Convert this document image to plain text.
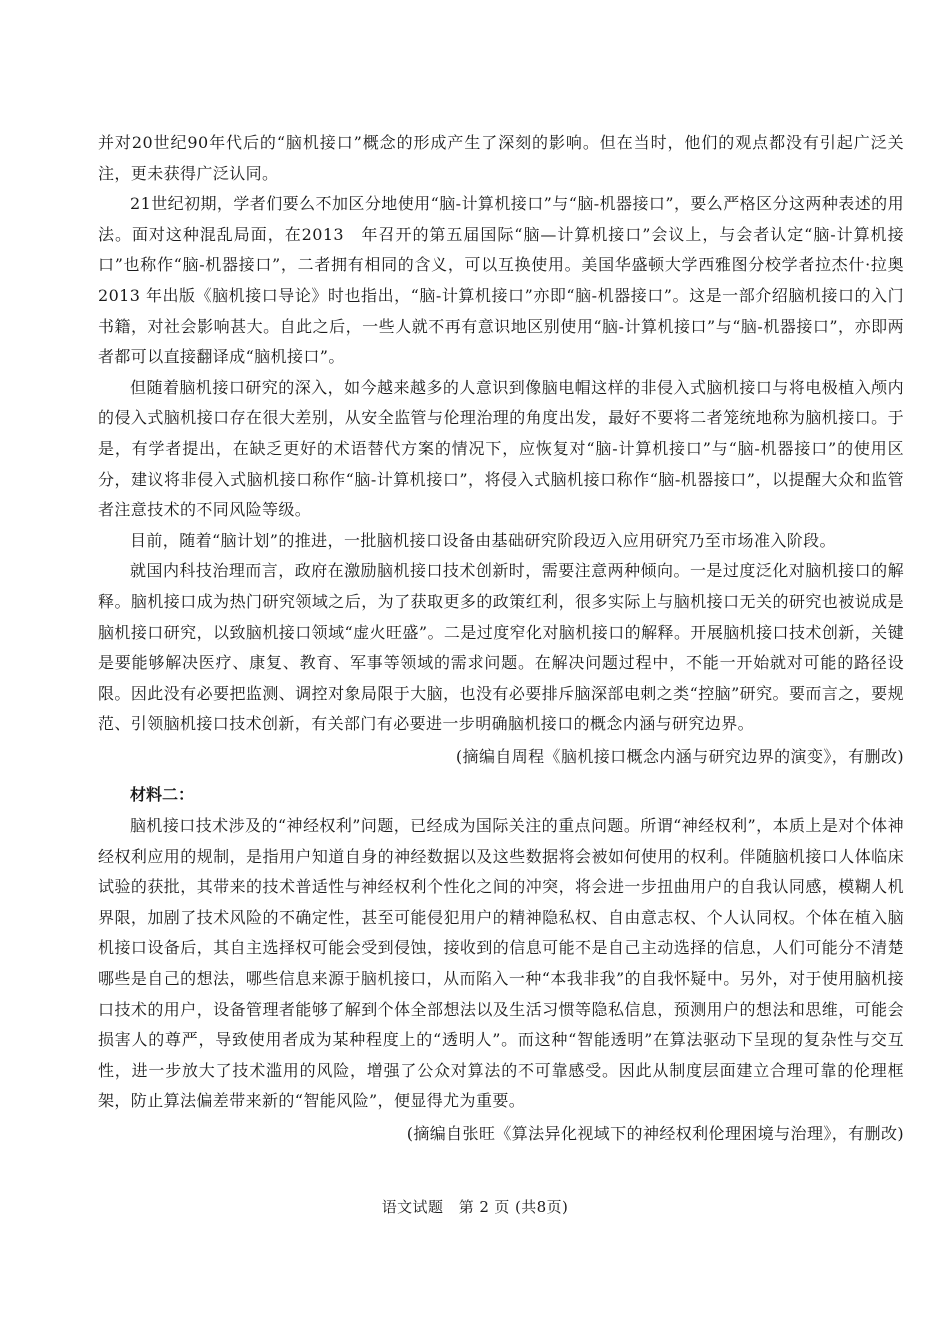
并对20世纪90年代后的“脑机接口”概念的形成产生了深刻的影响。但在当时，他们的观点都没有引起广泛关注，更未获得广泛认同。

21世纪初期，学者们要么不加区分地使用“脑-计算机接口”与“脑-机器接口”，要么严格区分这两种表述的用法。面对这种混乱局面，在2013　年召开的第五届国际“脑—计算机接口”会议上，与会者认定“脑-计算机接口”也称作“脑-机器接口”，二者拥有相同的含义，可以互换使用。美国华盛顿大学西雅图分校学者拉杰什·拉奥2013 年出版《脑机接口导论》时也指出，“脑-计算机接口”亦即“脑-机器接口”。这是一部介绍脑机接口的入门书籍，对社会影响甚大。自此之后，一些人就不再有意识地区别使用“脑-计算机接口”与“脑-机器接口”，亦即两者都可以直接翻译成“脑机接口”。

但随着脑机接口研究的深入，如今越来越多的人意识到像脑电帽这样的非侵入式脑机接口与将电极植入颅内的侵入式脑机接口存在很大差别，从安全监管与伦理治理的角度出发，最好不要将二者笼统地称为脑机接口。于是，有学者提出，在缺乏更好的术语替代方案的情况下，应恢复对“脑-计算机接口”与“脑-机器接口”的使用区分，建议将非侵入式脑机接口称作“脑-计算机接口”，将侵入式脑机接口称作“脑-机器接口”，以提醒大众和监管者注意技术的不同风险等级。

目前，随着“脑计划”的推进，一批脑机接口设备由基础研究阶段迈入应用研究乃至市场准入阶段。

就国内科技治理而言，政府在激励脑机接口技术创新时，需要注意两种倾向。一是过度泛化对脑机接口的解释。脑机接口成为热门研究领域之后，为了获取更多的政策红利，很多实际上与脑机接口无关的研究也被说成是脑机接口研究，以致脑机接口领域“虚火旺盛”。二是过度窄化对脑机接口的解释。开展脑机接口技术创新，关键是要能够解决医疗、康复、教育、军事等领域的需求问题。在解决问题过程中，不能一开始就对可能的路径设限。因此没有必要把监测、调控对象局限于大脑，也没有必要排斥脑深部电刺之类“控脑”研究。要而言之，要规范、引领脑机接口技术创新，有关部门有必要进一步明确脑机接口的概念内涵与研究边界。

(摘编自周程《脑机接口概念内涵与研究边界的演变》，有删改)

材料二：

脑机接口技术涉及的“神经权利”问题，已经成为国际关注的重点问题。所谓“神经权利”，本质上是对个体神经权利应用的规制，是指用户知道自身的神经数据以及这些数据将会被如何使用的权利。伴随脑机接口人体临床试验的获批，其带来的技术普适性与神经权利个性化之间的冲突，将会进一步扭曲用户的自我认同感，模糊人机界限，加剧了技术风险的不确定性，甚至可能侵犯用户的精神隐私权、自由意志权、个人认同权。个体在植入脑机接口设备后，其自主选择权可能会受到侵蚀，接收到的信息可能不是自己主动选择的信息，人们可能分不清楚哪些是自己的想法，哪些信息来源于脑机接口，从而陷入一种“本我非我”的自我怀疑中。另外，对于使用脑机接口技术的用户，设备管理者能够了解到个体全部想法以及生活习惯等隐私信息，预测用户的想法和思维，可能会损害人的尊严，导致使用者成为某种程度上的“透明人”。而这种“智能透明”在算法驱动下呈现的复杂性与交互性，进一步放大了技术滥用的风险，增强了公众对算法的不可靠感受。因此从制度层面建立合理可靠的伦理框架，防止算法偏差带来新的“智能风险”，便显得尤为重要。

(摘编自张旺《算法异化视域下的神经权利伦理困境与治理》，有删改)

语文试题　第 2 页 (共8页)
